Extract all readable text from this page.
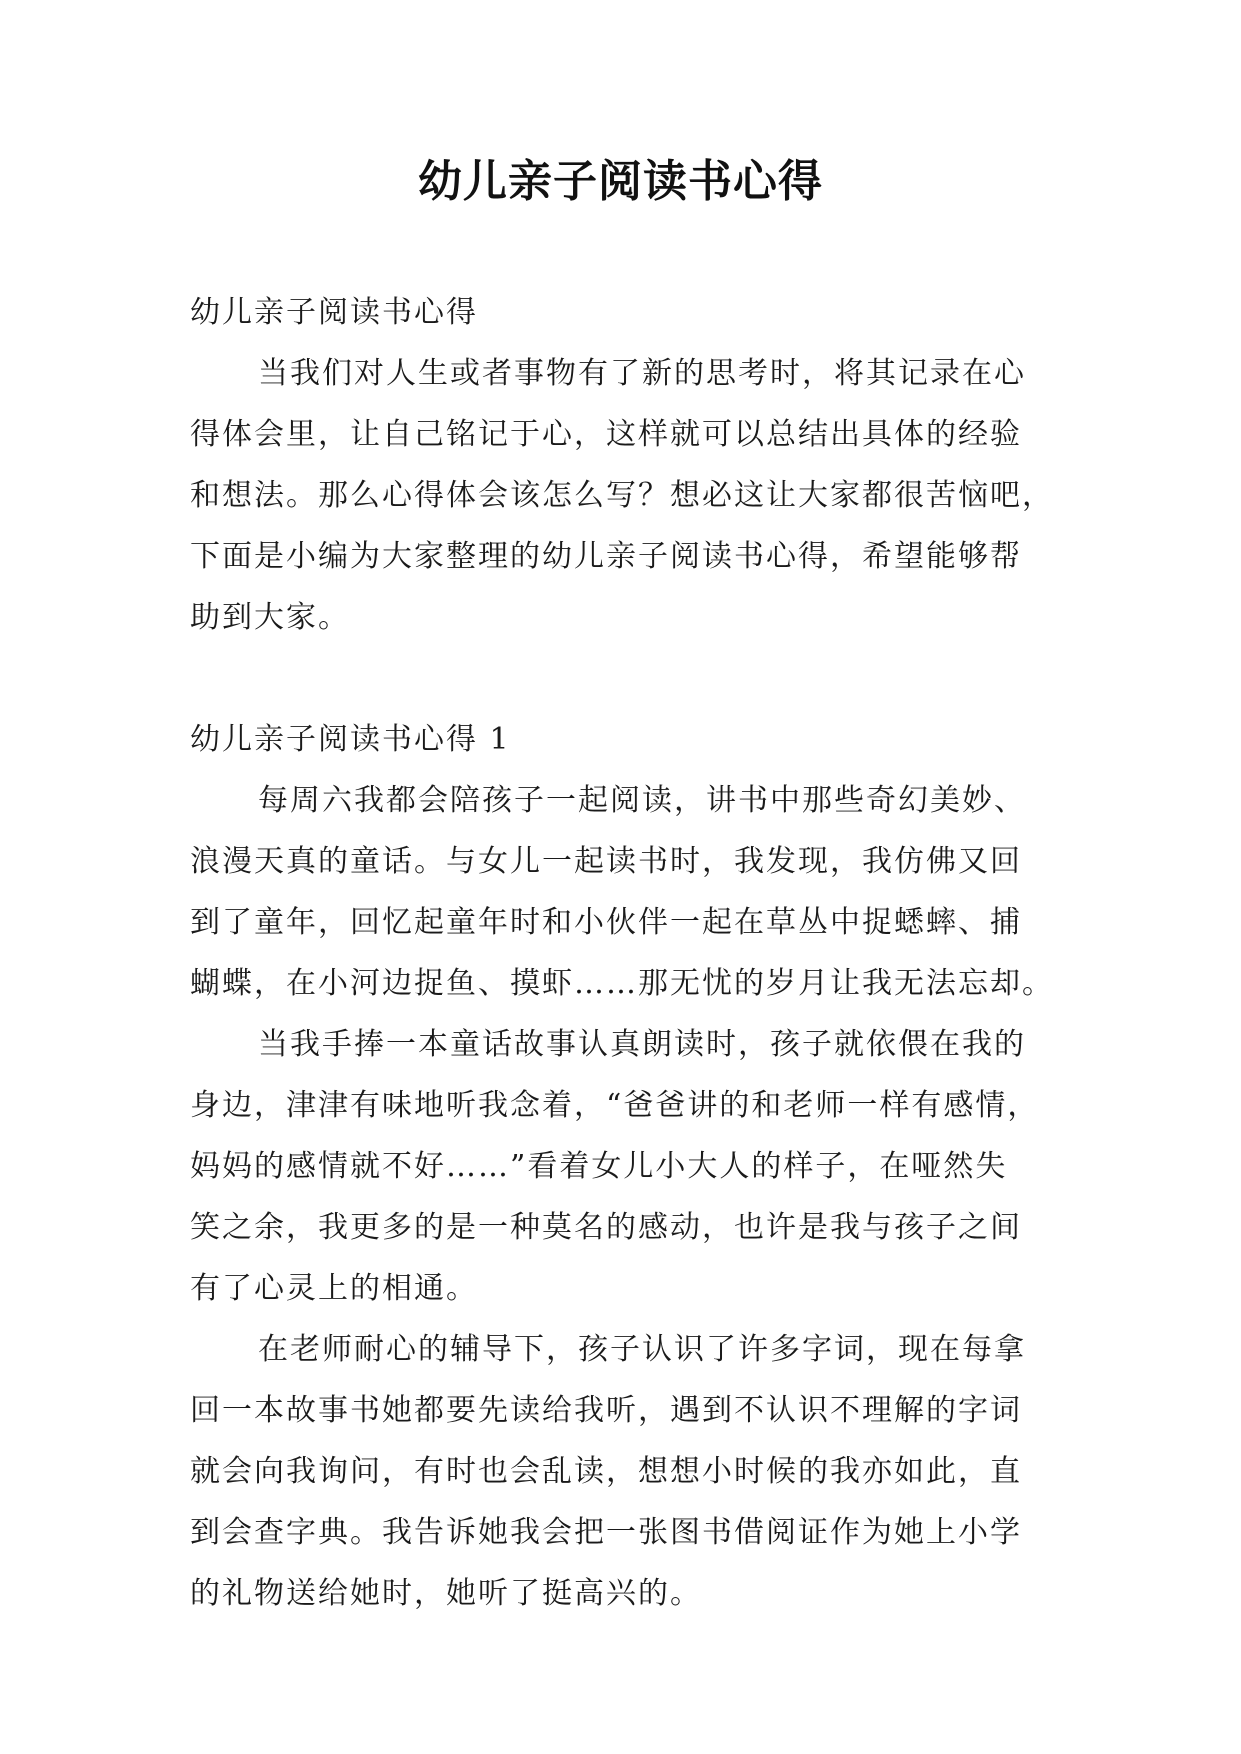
幼儿亲子阅读书心得
幼儿亲子阅读书心得
当我们对人生或者事物有了新的思考时，将其记录在心
得体会里，让自己铭记于心，这样就可以总结出具体的经验
和想法。那么心得体会该怎么写？想必这让大家都很苦恼吧，
下面是小编为大家整理的幼儿亲子阅读书心得，希望能够帮
助到大家。
幼儿亲子阅读书心得 1
每周六我都会陪孩子一起阅读，讲书中那些奇幻美妙、
浪漫天真的童话。与女儿一起读书时，我发现，我仿佛又回
到了童年，回忆起童年时和小伙伴一起在草丛中捉蟋蟀、捕
蝴蝶，在小河边捉鱼、摸虾……那无忧的岁月让我无法忘却。
当我手捧一本童话故事认真朗读时，孩子就依偎在我的
身边，津津有味地听我念着，“爸爸讲的和老师一样有感情，
妈妈的感情就不好……”看着女儿小大人的样子，在哑然失
笑之余，我更多的是一种莫名的感动，也许是我与孩子之间
有了心灵上的相通。
在老师耐心的辅导下，孩子认识了许多字词，现在每拿
回一本故事书她都要先读给我听，遇到不认识不理解的字词
就会向我询问，有时也会乱读，想想小时候的我亦如此，直
到会查字典。我告诉她我会把一张图书借阅证作为她上小学
的礼物送给她时，她听了挺高兴的。
